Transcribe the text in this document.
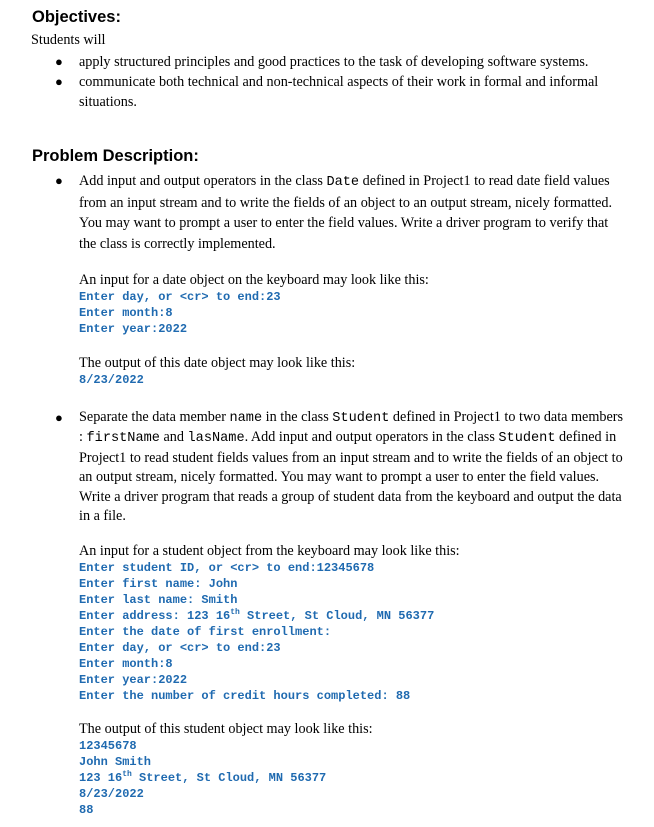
Objectives:
Students will
● apply structured principles and good practices to the task of developing software systems.
● communicate both technical and non-technical aspects of their work in formal and informal situations.
Problem Description:
● Add input and output operators in the class Date defined in Project1 to read date field values from an input stream and to write the fields of an object to an output stream, nicely formatted. You may want to prompt a user to enter the field values. Write a driver program to verify that the class is correctly implemented.
An input for a date object on the keyboard may look like this:
Enter day, or <cr> to end:23
Enter month:8
Enter year:2022
The output of this date object may look like this:
8/23/2022
● Separate the data member name in the class Student defined in Project1 to two data members : firstName and lasName. Add input and output operators in the class Student defined in Project1 to read student fields values from an input stream and to write the fields of an object to an output stream, nicely formatted. You may want to prompt a user to enter the field values. Write a driver program that reads a group of student data from the keyboard and output the data in a file.
An input for a student object from the keyboard may look like this:
Enter student ID, or <cr> to end:12345678
Enter first name: John
Enter last name: Smith
Enter address: 123 16th Street, St Cloud, MN 56377
Enter the date of first enrollment:
Enter day, or <cr> to end:23
Enter month:8
Enter year:2022
Enter the number of credit hours completed: 88
The output of this student object may look like this:
12345678
John Smith
123 16th Street, St Cloud, MN 56377
8/23/2022
88
